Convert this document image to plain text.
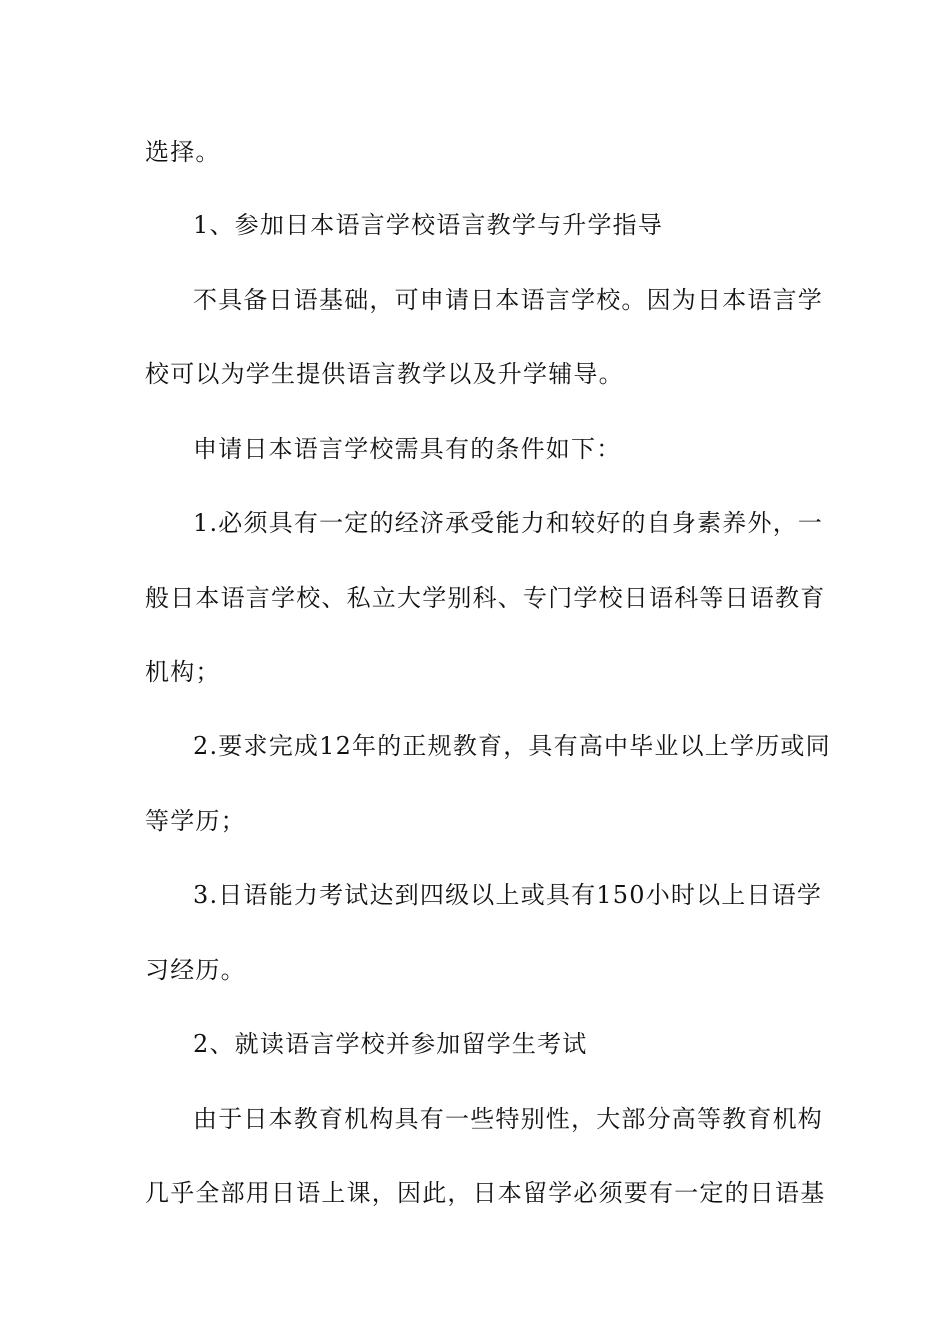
选择。
1、参加日本语言学校语言教学与升学指导
不具备日语基础，可申请日本语言学校。因为日本语言学
校可以为学生提供语言教学以及升学辅导。
申请日本语言学校需具有的条件如下：
1.必须具有一定的经济承受能力和较好的自身素养外，一
般日本语言学校、私立大学别科、专门学校日语科等日语教育
机构；
2.要求完成12年的正规教育，具有高中毕业以上学历或同
等学历；
3.日语能力考试达到四级以上或具有150小时以上日语学
习经历。
2、就读语言学校并参加留学生考试
由于日本教育机构具有一些特别性，大部分高等教育机构
几乎全部用日语上课，因此，日本留学必须要有一定的日语基
